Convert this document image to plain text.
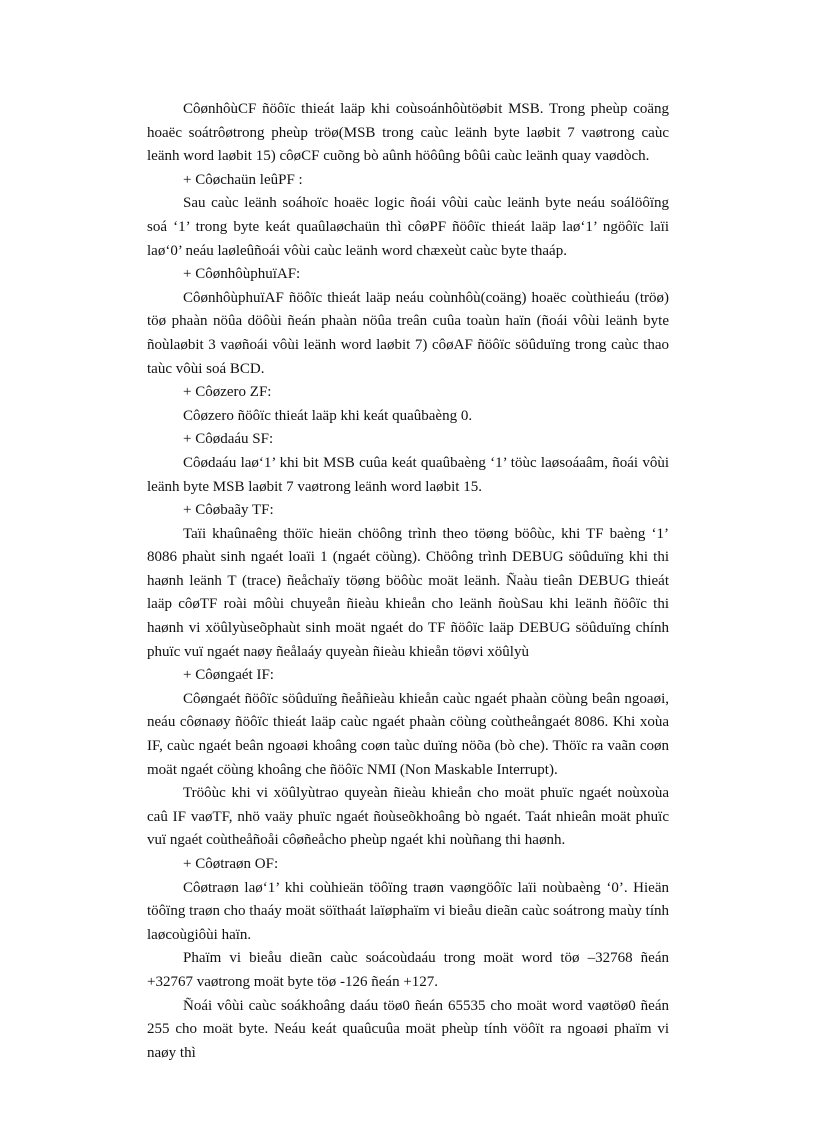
CôønhôùCF ñöôïc thieát laäp khi coùsoánhôùtöøbit MSB. Trong pheùp coäng hoaëc soátrôøtrong pheùp tröø(MSB trong caùc leänh byte laøbit 7 vaøtrong caùc leänh word laøbit 15) côøCF cuõng bò aûnh höôûng bôûi caùc leänh quay vaødòch.

+ Côøchaün leûPF :

Sau caùc leänh soáhoïc hoaëc logic ñoái vôùi caùc leänh byte neáu soálöôïng soá ‘1’ trong byte keát quaûlaøchaün thì côøPF ñöôïc thieát laäp laø‘1’ ngöôïc laïi laø‘0’ neáu laøleûñoái vôùi caùc leänh word chæxeùt caùc byte thaáp.

+ CôønhôùphuïAF:

CôønhôùphuïAF ñöôïc thieát laäp neáu coùnhôù(coäng) hoaëc coùthieáu (tröø) töø phaàn nöûa döôùi ñeán phaàn nöûa treân cuûa toaùn haïn (ñoái vôùi leänh byte ñoùlaøbit 3 vaøñoái vôùi leänh word laøbit 7) côøAF ñöôïc söûduïng trong caùc thao taùc vôùi soá BCD.

+ Côøzero ZF:

Côøzero ñöôïc thieát laäp khi keát quaûbaèng 0.

+ Côødaáu SF:

Côødaáu laø‘1’ khi bit MSB cuûa keát quaûbaèng ‘1’ töùc laøsoáaâm, ñoái vôùi leänh byte MSB laøbit 7 vaøtrong leänh word laøbit 15.

+ Côøbaãy TF:

Taïi khaûnaêng thöïc hieän chöông trình theo töøng böôùc, khi TF baèng ‘1’ 8086 phaùt sinh ngaét loaïi 1 (ngaét cöùng). Chöông trình DEBUG söûduïng khi thi haønh leänh T (trace) ñeåchaïy töøng böôùc moät leänh. Ñaàu tieân DEBUG thieát laäp côøTF roài môùi chuyeån ñieàu khieån cho leänh ñoùSau khi leänh ñöôïc thi haønh vi xöûlyùseõphaùt sinh moät ngaét do TF ñöôïc laäp DEBUG söûduïng chính phuïc vuï ngaét naøy ñeålaáy quyeàn ñieàu khieån töøvi xöûlyù

+ Côøngaét IF:

Côøngaét ñöôïc söûduïng ñeåñieàu khieån caùc ngaét phaàn cöùng beân ngoaøi, neáu côønaøy ñöôïc thieát laäp caùc ngaét phaàn cöùng coùtheångaét 8086. Khi xoùa IF, caùc ngaét beân ngoaøi khoâng coøn taùc duïng nöõa (bò che). Thöïc ra vaãn coøn moät ngaét cöùng khoâng che ñöôïc NMI (Non Maskable Interrupt).

Tröôùc khi vi xöûlyùtrao quyeàn ñieàu khieån cho moät phuïc ngaét noùxoùa caû IF vaøTF, nhö vaäy phuïc ngaét ñoùseõkhoâng bò ngaét. Taát nhieân moät phuïc vuï ngaét coùtheåñoåi côøñeåcho pheùp ngaét khi noùñang thi haønh.

+ Côøtraøn OF:

Côøtraøn laø‘1’ khi coùhieän töôïng traøn vaøngöôïc laïi noùbaèng ‘0’. Hieän töôïng traøn cho thaáy moät söïthaát laïøphaïm vi bieåu dieãn caùc soátrong maùy tính laøcoùgiôùi haïn.

Phaïm vi bieåu dieãn caùc soácoùdaáu trong moät word töø –32768 ñeán +32767 vaøtrong moät byte töø -126 ñeán +127.

Ñoái vôùi caùc soákhoâng daáu töø0 ñeán 65535 cho moät word vaøtöø0 ñeán 255 cho moät byte. Neáu keát quaûcuûa moät pheùp tính vöôït ra ngoaøi phaïm vi naøy thì
